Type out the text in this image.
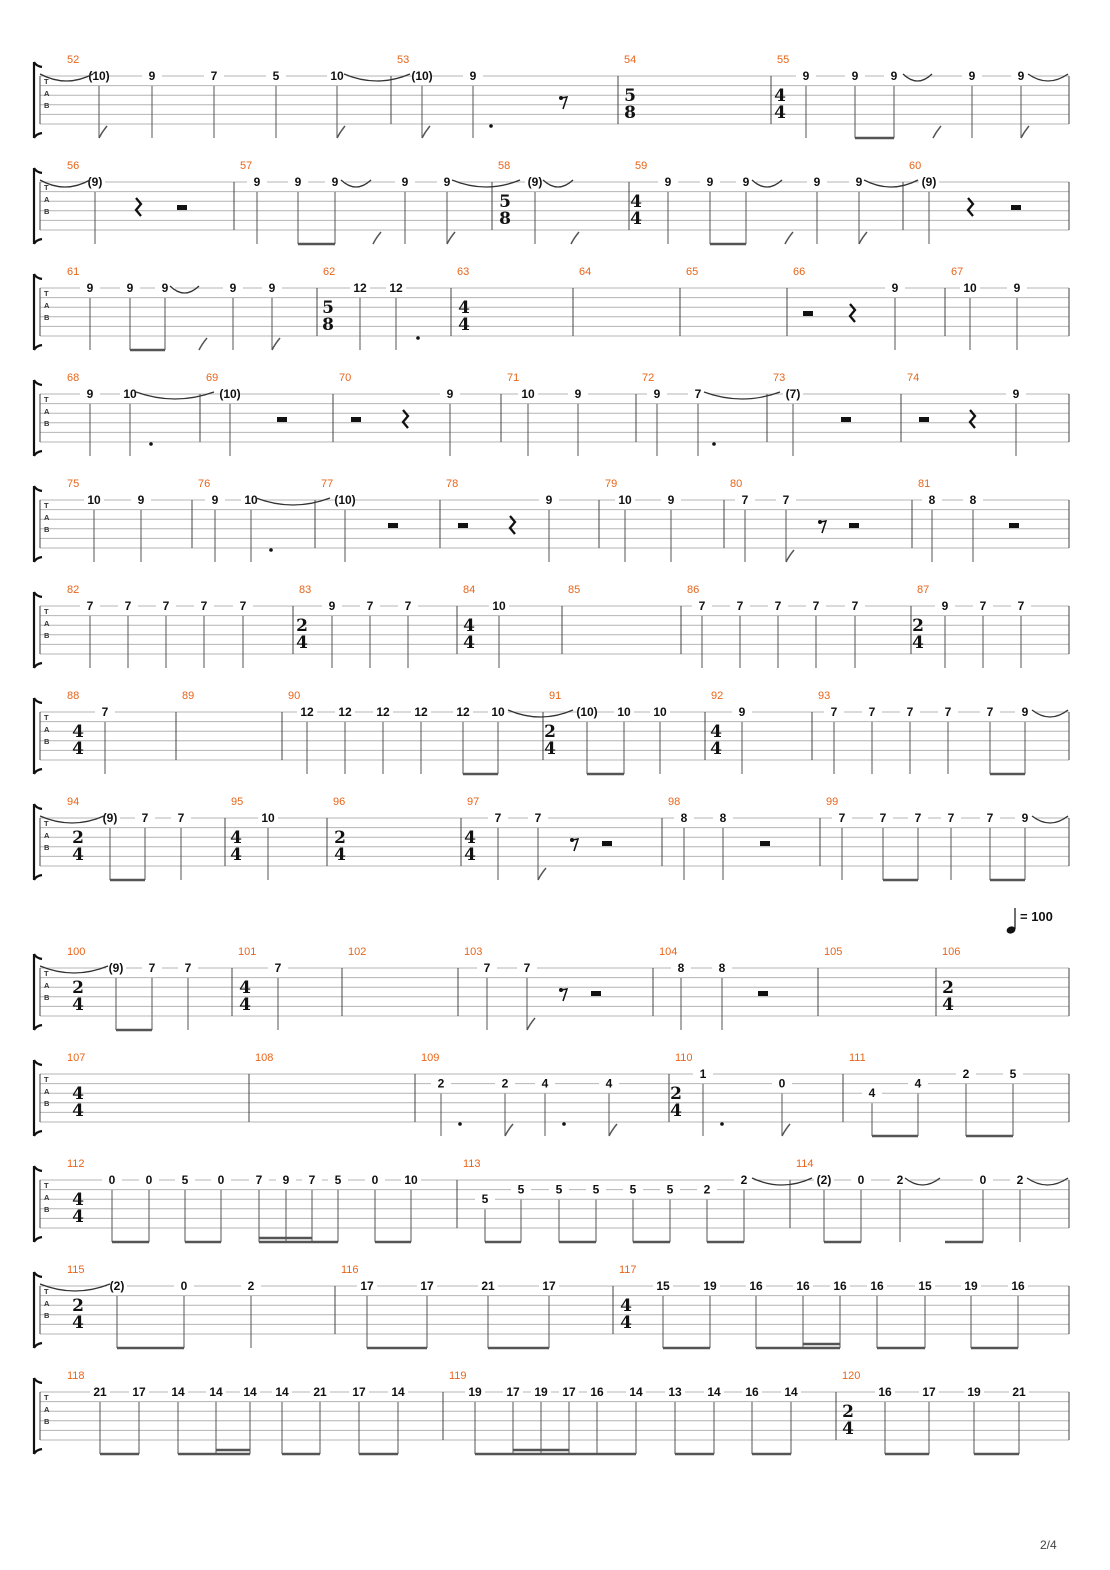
T
A
B
52
(10)	9	7	5	10
53
(10)	9
54
5
8
55
4
4
9	9	9	9	9
T
A
B
56
(9)
57
9	9	9	9	9
58
5
8
(9)
59
4
4
9	9 9	9	9
60
(9)
T
A
B
61
9	9 9	9	9
62
5
8
12 12
63
4
4
64	65	66
9
67
10	9
T
A
B
68
9 10
69
(10)
70
9
71
10	9
72
9	7
73
(7)
74
9
T
A
B
75
10	9
76
9 10
77
(10)
78
9
79
10	9
80
7	7
81
8	8
T
A
B
82
7	7	7	7	7
83
2
4
9	7	7
84
4
4
10
85	86
7	7	7	7	7
87
2
4
9	7	7
T
A
B
88
4
4
7
89	90
12 12 12 12 12 10
91
2
4
(10) 10 10
92
4
4
9
93
7	7	7	7	7 9
T
A
B
94
2
4
(9) 7 7
95
4
4
10
96
2
4
97
4
4
7	7
98
8	8
99
7	7 7 7	7 9
T
A
B
100
2
4
(9) 7 7
101
4
4
7
102	103
7	7
104
8	8
105	106
2
4
T
A
B
107
4
4
108	109
2	2	4	4
110
2
4
1
0
111
4
4
2	5
T
A
B
112
4
4
0	0 5 0	7 9 7 5	0 10
113
5
5	5	5	5	5	2
2
114
(2) 0	2	0	2
T
A
B
115
2
4
(2)	0	2
116
17	17	21	17
117
4
4
15	19	16	16 16 16	15	19	16
T
A
B
118
21 17 14 14 14 14 21 17 14
119
19 17 19 17 16 14 13 14 16 14
120
2
4
16	17	19	21
= 100
2/4
